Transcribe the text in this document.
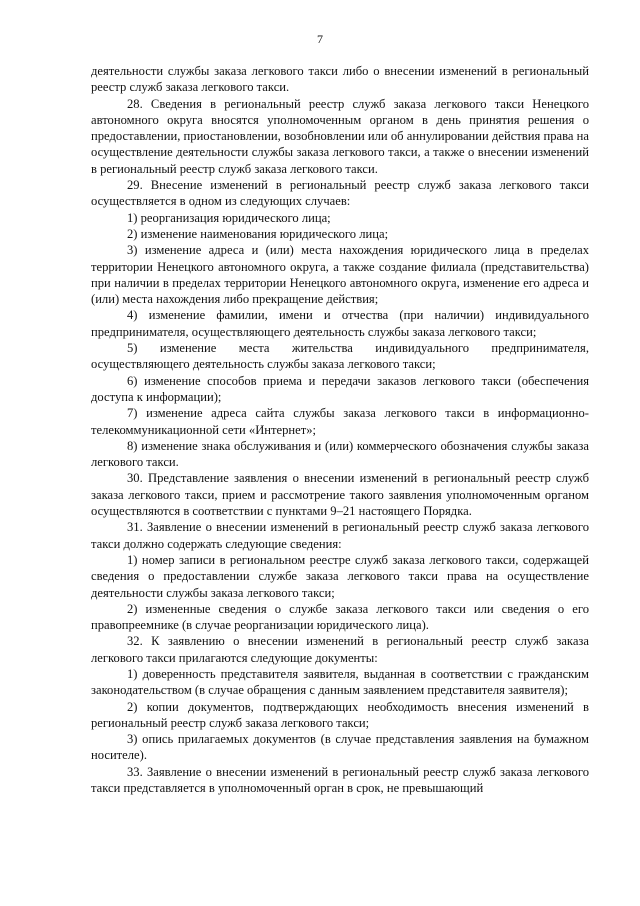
7

деятельности службы заказа легкового такси либо о внесении изменений в региональный реестр служб заказа легкового такси.

28. Сведения в региональный реестр служб заказа легкового такси Ненецкого автономного округа вносятся уполномоченным органом в день принятия решения о предоставлении, приостановлении, возобновлении или об аннулировании действия права на осуществление деятельности службы заказа легкового такси, а также о внесении изменений в региональный реестр служб заказа легкового такси.

29. Внесение изменений в региональный реестр служб заказа легкового такси осуществляется в одном из следующих случаев:

1) реорганизация юридического лица;

2) изменение наименования юридического лица;

3) изменение адреса и (или) места нахождения юридического лица в пределах территории Ненецкого автономного округа, а также создание филиала (представительства) при наличии в пределах территории Ненецкого автономного округа, изменение его адреса и (или) места нахождения либо прекращение действия;

4) изменение фамилии, имени и отчества (при наличии) индивидуального предпринимателя, осуществляющего деятельность службы заказа легкового такси;

5) изменение места жительства индивидуального предпринимателя, осуществляющего деятельность службы заказа легкового такси;

6) изменение способов приема и передачи заказов легкового такси (обеспечения доступа к информации);

7) изменение адреса сайта службы заказа легкового такси в информационно-телекоммуникационной сети «Интернет»;

8) изменение знака обслуживания и (или) коммерческого обозначения службы заказа легкового такси.

30. Представление заявления о внесении изменений в региональный реестр служб заказа легкового такси, прием и рассмотрение такого заявления уполномоченным органом осуществляются в соответствии с пунктами 9–21 настоящего Порядка.

31. Заявление о внесении изменений в региональный реестр служб заказа легкового такси должно содержать следующие сведения:

1) номер записи в региональном реестре служб заказа легкового такси, содержащей сведения о предоставлении службе заказа легкового такси права на осуществление деятельности службы заказа легкового такси;

2) измененные сведения о службе заказа легкового такси или сведения о его правопреемнике (в случае реорганизации юридического лица).

32. К заявлению о внесении изменений в региональный реестр служб заказа легкового такси прилагаются следующие документы:

1) доверенность представителя заявителя, выданная в соответствии с гражданским законодательством (в случае обращения с данным заявлением представителя заявителя);

2) копии документов, подтверждающих необходимость внесения изменений в региональный реестр служб заказа легкового такси;

3) опись прилагаемых документов (в случае представления заявления на бумажном носителе).

33. Заявление о внесении изменений в региональный реестр служб заказа легкового такси представляется в уполномоченный орган в срок, не превышающий
